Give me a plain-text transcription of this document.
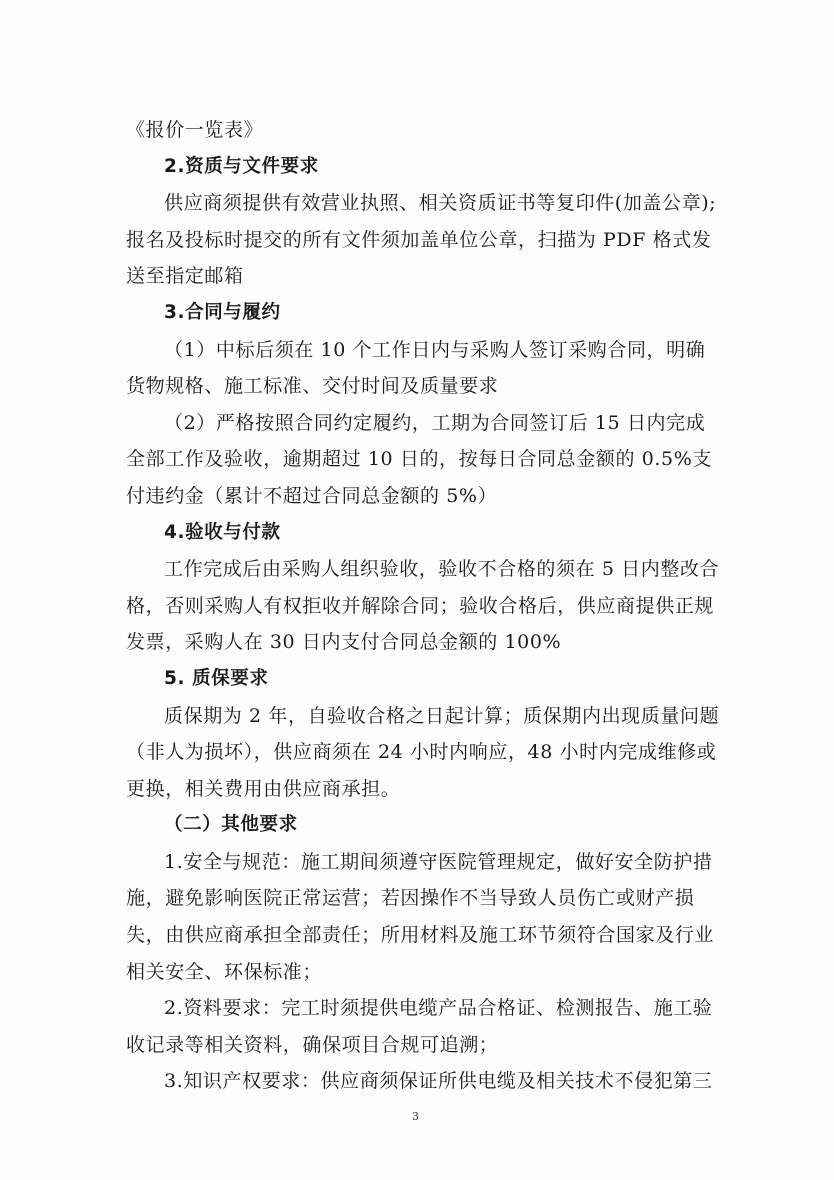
《报价一览表》

2.资质与文件要求

供应商须提供有效营业执照、相关资质证书等复印件(加盖公章);报名及投标时提交的所有文件须加盖单位公章，扫描为 PDF 格式发送至指定邮箱

3.合同与履约

（1）中标后须在 10 个工作日内与采购人签订采购合同，明确货物规格、施工标准、交付时间及质量要求

（2）严格按照合同约定履约，工期为合同签订后 15 日内完成全部工作及验收，逾期超过 10 日的，按每日合同总金额的 0.5%支付违约金（累计不超过合同总金额的 5%）

4.验收与付款

工作完成后由采购人组织验收，验收不合格的须在 5 日内整改合格，否则采购人有权拒收并解除合同；验收合格后，供应商提供正规发票，采购人在 30 日内支付合同总金额的 100%

5. 质保要求

质保期为 2 年，自验收合格之日起计算；质保期内出现质量问题（非人为损坏），供应商须在 24 小时内响应，48 小时内完成维修或更换，相关费用由供应商承担。

（二）其他要求

1.安全与规范：施工期间须遵守医院管理规定，做好安全防护措施，避免影响医院正常运营；若因操作不当导致人员伤亡或财产损失，由供应商承担全部责任；所用材料及施工环节须符合国家及行业相关安全、环保标准；

2.资料要求：完工时须提供电缆产品合格证、检测报告、施工验收记录等相关资料，确保项目合规可追溯；

3.知识产权要求：供应商须保证所供电缆及相关技术不侵犯第三

3
